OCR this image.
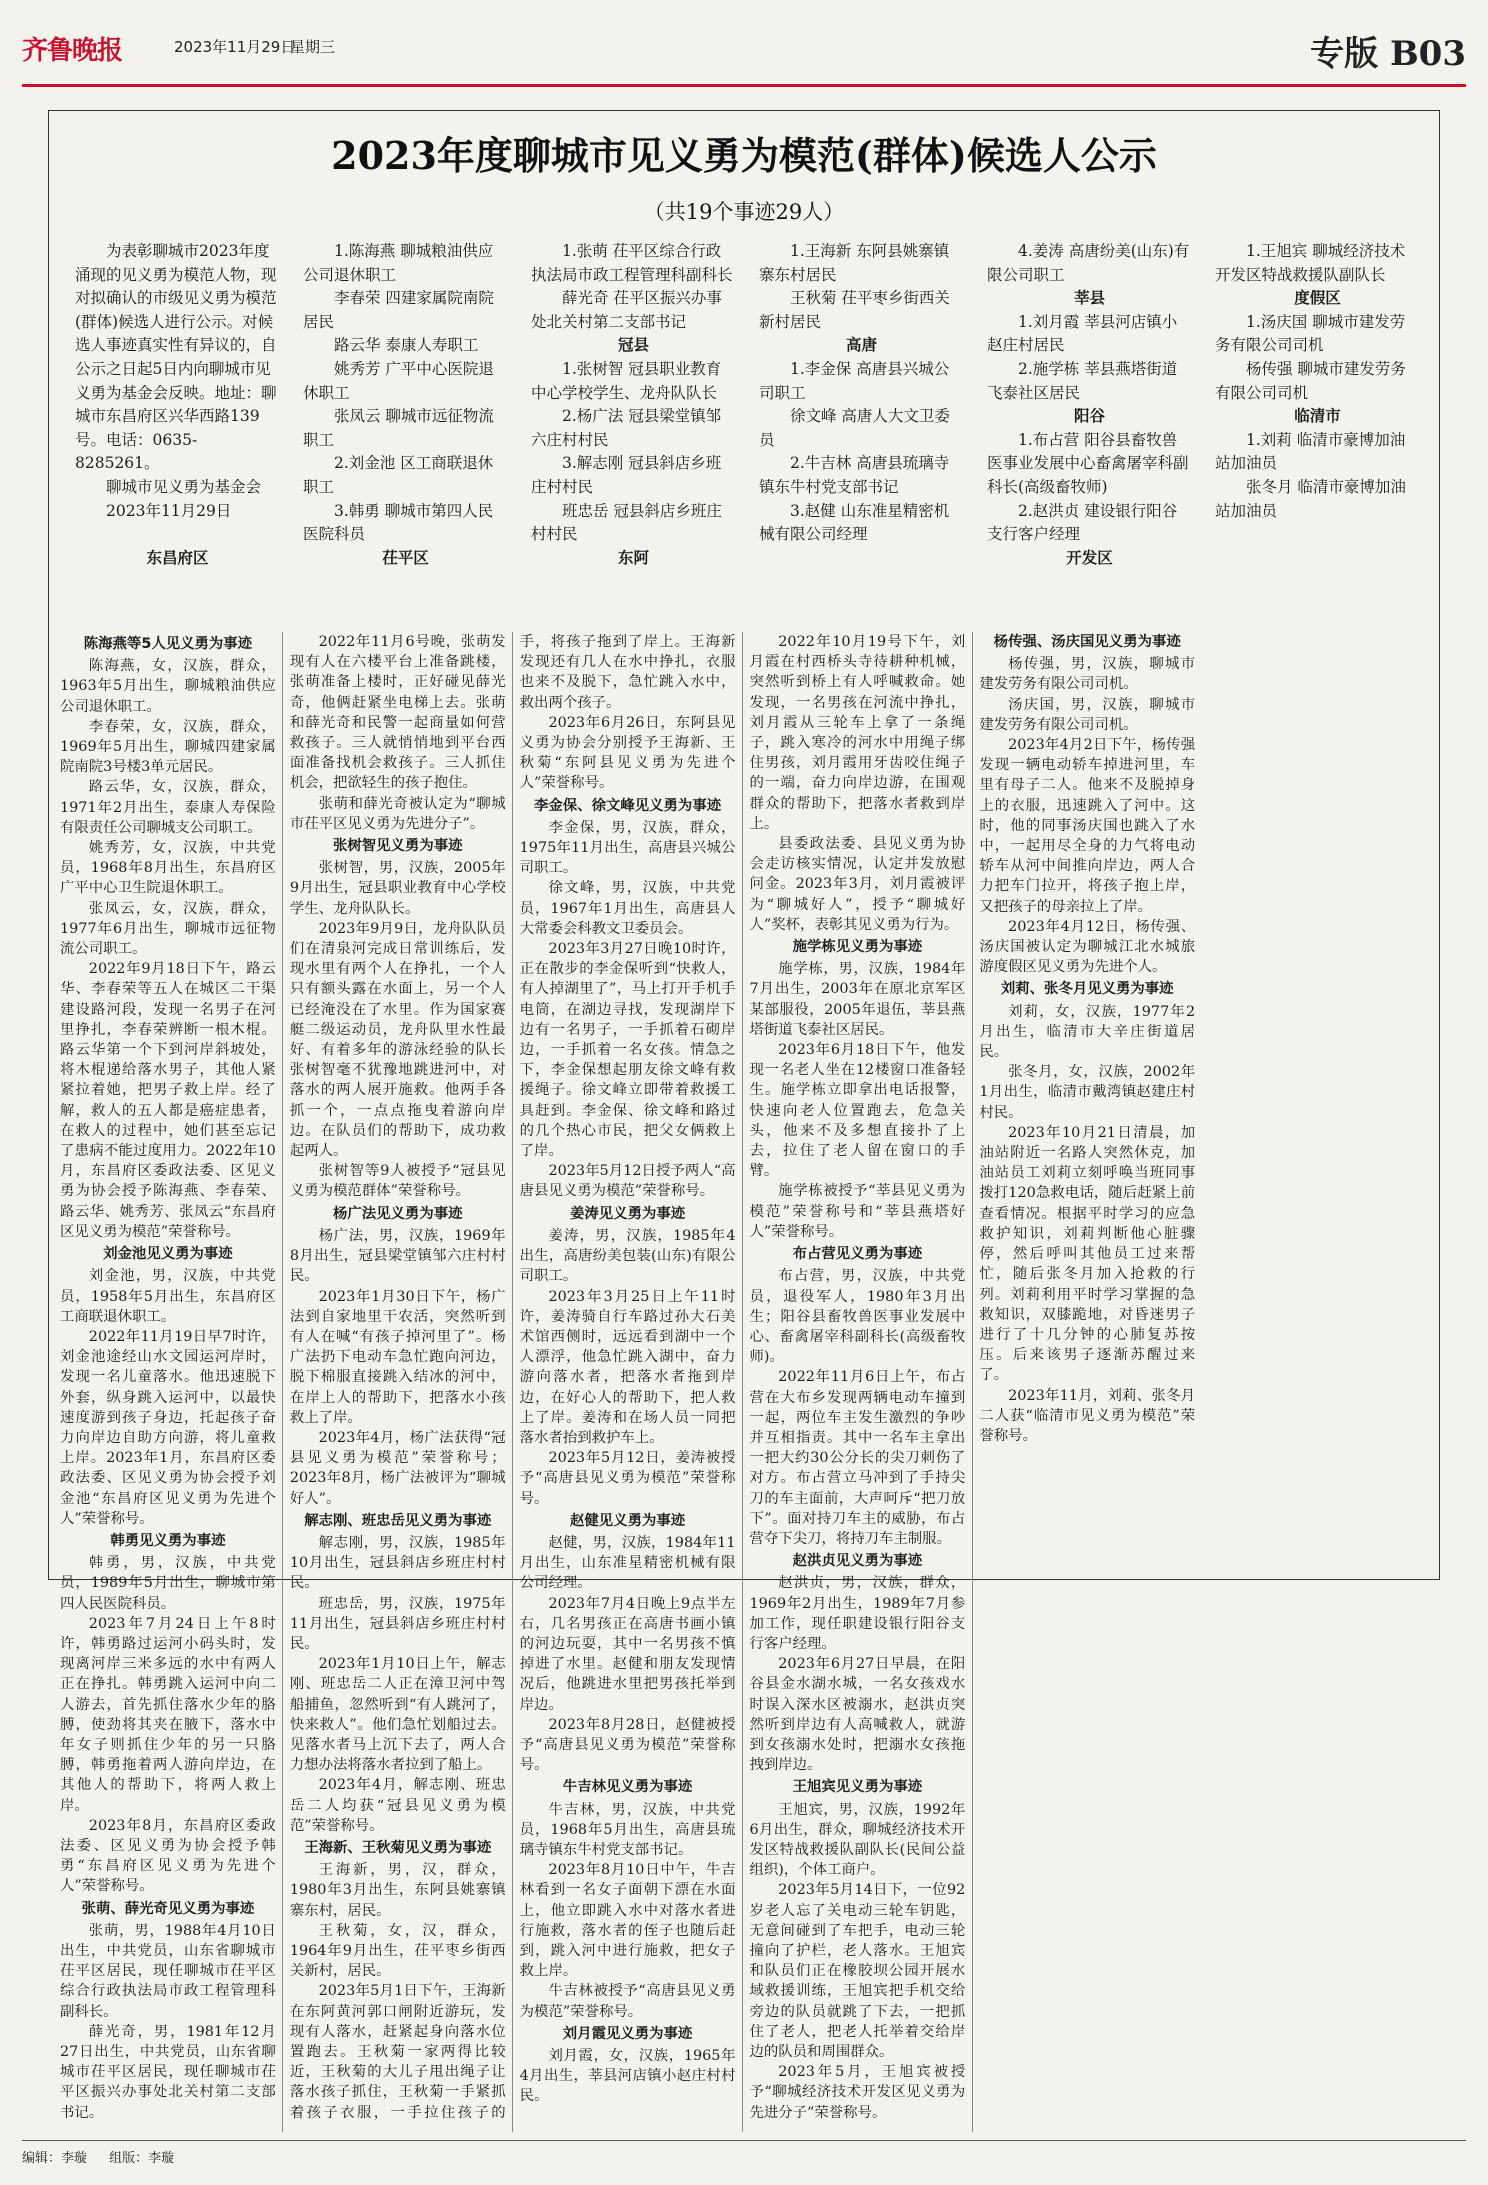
齐鲁晚报	2023年11月29日
星期三	专版 B03
2023年度聊城市见义勇为模范(群体)候选人公示
（共19个事迹29人）

为表彰聊城市2023年度涌现的见义勇为模范人物，现对拟确认的市级见义勇为模范(群体)候选人进行公示。对候选人事迹真实性有异议的，自公示之日起5日内向聊城市见义勇为基金会反映。地址：聊城市东昌府区兴华西路139号。电话：0635-8285261。

聊城市见义勇为基金会

2023年11月29日

东昌府区

1.陈海燕 聊城粮油供应公司退休职工

李春荣 四建家属院南院居民

路云华 泰康人寿职工

姚秀芳 广平中心医院退休职工

张凤云 聊城市远征物流职工

2.刘金池 区工商联退休职工

3.韩勇 聊城市第四人民医院科员

茌平区

1.张萌 茌平区综合行政执法局市政工程管理科副科长

薛光奇 茌平区振兴办事处北关村第二支部书记

冠县

1.张树智 冠县职业教育中心学校学生、龙舟队队长

2.杨广法 冠县梁堂镇邹六庄村村民

3.解志刚 冠县斜店乡班庄村村民

班忠岳 冠县斜店乡班庄村村民

东阿

1.王海新 东阿县姚寨镇寨东村居民

王秋菊 茌平枣乡街西关新村居民

高唐

1.李金保 高唐县兴城公司职工

徐文峰 高唐人大文卫委员

2.牛吉林 高唐县琉璃寺镇东牛村党支部书记

3.赵健 山东准星精密机械有限公司经理

4.姜涛 高唐纷美(山东)有限公司职工

莘县

1.刘月霞 莘县河店镇小赵庄村居民

2.施学栋 莘县燕塔街道飞泰社区居民

阳谷

1.布占营 阳谷县畜牧兽医事业发展中心畜禽屠宰科副科长(高级畜牧师)

2.赵洪贞 建设银行阳谷支行客户经理

开发区

1.王旭宾 聊城经济技术开发区特战救援队副队长

度假区

1.汤庆国 聊城市建发劳务有限公司司机

杨传强 聊城市建发劳务有限公司司机

临清市

1.刘莉 临清市豪博加油站加油员

张冬月 临清市豪博加油站加油员

陈海燕等5人见义勇为事迹

陈海燕，女，汉族，群众，1963年5月出生，聊城粮油供应公司退休职工。

李春荣，女，汉族，群众，1969年5月出生，聊城四建家属院南院3号楼3单元居民。

路云华，女，汉族，群众，1971年2月出生，泰康人寿保险有限责任公司聊城支公司职工。

姚秀芳，女，汉族，中共党员，1968年8月出生，东昌府区广平中心卫生院退休职工。

张凤云，女，汉族，群众，1977年6月出生，聊城市远征物流公司职工。

2022年9月18日下午，路云华、李春荣等五人在城区二干渠建设路河段，发现一名男子在河里挣扎，李春荣辨断一根木棍。路云华第一个下到河岸斜坡处，将木棍递给落水男子，其他人紧紧拉着她，把男子救上岸。经了解，救人的五人都是癌症患者，在救人的过程中，她们甚至忘记了患病不能过度用力。2022年10月，东昌府区委政法委、区见义勇为协会授予陈海燕、李春荣、路云华、姚秀芳、张凤云“东昌府区见义勇为模范”荣誉称号。

刘金池见义勇为事迹

刘金池，男，汉族，中共党员，1958年5月出生，东昌府区工商联退休职工。

2022年11月19日早7时许，刘金池途经山水文园运河岸时，发现一名儿童落水。他迅速脱下外套，纵身跳入运河中，以最快速度游到孩子身边，托起孩子奋力向岸边自助方向游，将儿童救上岸。2023年1月，东昌府区委政法委、区见义勇为协会授予刘金池“东昌府区见义勇为先进个人”荣誉称号。

韩勇见义勇为事迹

韩勇，男，汉族，中共党员，1989年5月出生，聊城市第四人民医院科员。

2023年7月24日上午8时许，韩勇路过运河小码头时，发现离河岸三米多远的水中有两人正在挣扎。韩勇跳入运河中向二人游去，首先抓住落水少年的胳膊，使劲将其夹在腋下，落水中年女子则抓住少年的另一只胳膊，韩勇拖着两人游向岸边，在其他人的帮助下，将两人救上岸。

2023年8月，东昌府区委政法委、区见义勇为协会授予韩勇“东昌府区见义勇为先进个人”荣誉称号。

张萌、薛光奇见义勇为事迹

张萌，男，1988年4月10日出生，中共党员，山东省聊城市茌平区居民，现任聊城市茌平区综合行政执法局市政工程管理科副科长。

薛光奇，男，1981年12月27日出生，中共党员，山东省聊城市茌平区居民，现任聊城市茌平区振兴办事处北关村第二支部书记。

2022年11月6号晚，张萌发现有人在六楼平台上准备跳楼，张萌准备上楼时，正好碰见薛光奇，他俩赶紧坐电梯上去。张萌和薛光奇和民警一起商量如何营救孩子。三人就悄悄地到平台西面准备找机会救孩子。三人抓住机会，把欲轻生的孩子抱住。

张萌和薛光奇被认定为“聊城市茌平区见义勇为先进分子”。

张树智见义勇为事迹

张树智，男，汉族，2005年9月出生，冠县职业教育中心学校学生、龙舟队队长。

2023年9月9日，龙舟队队员们在清泉河完成日常训练后，发现水里有两个人在挣扎，一个人只有额头露在水面上，另一个人已经淹没在了水里。作为国家赛艇二级运动员，龙舟队里水性最好、有着多年的游泳经验的队长张树智毫不犹豫地跳进河中，对落水的两人展开施救。他两手各抓一个，一点点拖曳着游向岸边。在队员们的帮助下，成功救起两人。

张树智等9人被授予“冠县见义勇为模范群体”荣誉称号。

杨广法见义勇为事迹

杨广法，男，汉族，1969年8月出生，冠县梁堂镇邹六庄村村民。

2023年1月30日下午，杨广法到自家地里干农活，突然听到有人在喊“有孩子掉河里了”。杨广法扔下电动车急忙跑向河边，脱下棉服直接跳入结冰的河中，在岸上人的帮助下，把落水小孩救上了岸。

2023年4月，杨广法获得“冠县见义勇为模范”荣誉称号；2023年8月，杨广法被评为“聊城好人”。

解志刚、班忠岳见义勇为事迹

解志刚，男，汉族，1985年10月出生，冠县斜店乡班庄村村民。

班忠岳，男，汉族，1975年11月出生，冠县斜店乡班庄村村民。

2023年1月10日上午，解志刚、班忠岳二人正在漳卫河中驾船捕鱼，忽然听到“有人跳河了，快来救人”。他们急忙划船过去。见落水者马上沉下去了，两人合力想办法将落水者拉到了船上。

2023年4月，解志刚、班忠岳二人均获“冠县见义勇为模范”荣誉称号。

王海新、王秋菊见义勇为事迹

王海新，男，汉，群众，1980年3月出生，东阿县姚寨镇寨东村，居民。

王秋菊，女，汉，群众，1964年9月出生，茌平枣乡街西关新村，居民。

2023年5月1日下午，王海新在东阿黄河郭口闸附近游玩，发现有人落水，赶紧起身向落水位置跑去。王秋菊一家两得比较近，王秋菊的大儿子甩出绳子让落水孩子抓住，王秋菊一手紧抓着孩子衣服，一手拉住孩子的手，将孩子拖到了岸上。王海新发现还有几人在水中挣扎，衣服也来不及脱下，急忙跳入水中，救出两个孩子。

2023年6月26日，东阿县见义勇为协会分别授予王海新、王秋菊“东阿县见义勇为先进个人”荣誉称号。

李金保、徐文峰见义勇为事迹

李金保，男，汉族，群众，1975年11月出生，高唐县兴城公司职工。

徐文峰，男，汉族，中共党员，1967年1月出生，高唐县人大常委会科教文卫委员会。

2023年3月27日晚10时许，正在散步的李金保听到“快救人，有人掉湖里了”，马上打开手机手电筒，在湖边寻找，发现湖岸下边有一名男子，一手抓着石砌岸边，一手抓着一名女孩。情急之下，李金保想起朋友徐文峰有救援绳子。徐文峰立即带着救援工具赶到。李金保、徐文峰和路过的几个热心市民，把父女俩救上了岸。

2023年5月12日授予两人“高唐县见义勇为模范”荣誉称号。

姜涛见义勇为事迹

姜涛，男，汉族，1985年4出生，高唐纷美包装(山东)有限公司职工。

2023年3月25日上午11时许，姜涛骑自行车路过孙大石美术馆西侧时，远远看到湖中一个人漂浮，他急忙跳入湖中，奋力游向落水者，把落水者拖到岸边，在好心人的帮助下，把人救上了岸。姜涛和在场人员一同把落水者抬到救护车上。

2023年5月12日，姜涛被授予“高唐县见义勇为模范”荣誉称号。

赵健见义勇为事迹

赵健，男，汉族，1984年11月出生，山东准星精密机械有限公司经理。

2023年7月4日晚上9点半左右，几名男孩正在高唐书画小镇的河边玩耍，其中一名男孩不慎掉进了水里。赵健和朋友发现情况后，他跳进水里把男孩托举到岸边。

2023年8月28日，赵健被授予“高唐县见义勇为模范”荣誉称号。

牛吉林见义勇为事迹

牛吉林，男，汉族，中共党员，1968年5月出生，高唐县琉璃寺镇东牛村党支部书记。

2023年8月10日中午，牛吉林看到一名女子面朝下漂在水面上，他立即跳入水中对落水者进行施救，落水者的侄子也随后赶到，跳入河中进行施救，把女子救上岸。

牛吉林被授予“高唐县见义勇为模范”荣誉称号。

刘月霞见义勇为事迹

刘月霞，女，汉族，1965年4月出生，莘县河店镇小赵庄村村民。

2022年10月19号下午，刘月霞在村西桥头寺待耕种机械，突然听到桥上有人呼喊救命。她发现，一名男孩在河流中挣扎，刘月霞从三轮车上拿了一条绳子，跳入寒冷的河水中用绳子绑住男孩，刘月霞用牙齿咬住绳子的一端，奋力向岸边游，在围观群众的帮助下，把落水者救到岸上。

县委政法委、县见义勇为协会走访核实情况，认定并发放慰问金。2023年3月，刘月霞被评为“聊城好人”，授予“聊城好人”奖杯，表彰其见义勇为行为。

施学栋见义勇为事迹

施学栋，男，汉族，1984年7月出生，2003年在原北京军区某部服役，2005年退伍，莘县燕塔街道飞泰社区居民。

2023年6月18日下午，他发现一名老人坐在12楼窗口准备轻生。施学栋立即拿出电话报警，快速向老人位置跑去，危急关头，他来不及多想直接扑了上去，拉住了老人留在窗口的手臂。

施学栋被授予“莘县见义勇为模范”荣誉称号和“莘县燕塔好人”荣誉称号。

布占营见义勇为事迹

布占营，男，汉族，中共党员，退役军人，1980年3月出生；阳谷县畜牧兽医事业发展中心、畜禽屠宰科副科长(高级畜牧师)。

2022年11月6日上午，布占营在大布乡发现两辆电动车撞到一起，两位车主发生激烈的争吵并互相指责。其中一名车主拿出一把大约30公分长的尖刀刺伤了对方。布占营立马冲到了手持尖刀的车主面前，大声呵斥“把刀放下”。面对持刀车主的威胁，布占营夺下尖刀，将持刀车主制服。

赵洪贞见义勇为事迹

赵洪贞，男，汉族，群众，1969年2月出生，1989年7月参加工作，现任职建设银行阳谷支行客户经理。

2023年6月27日早晨，在阳谷县金水湖水城，一名女孩戏水时误入深水区被溺水，赵洪贞突然听到岸边有人高喊救人，就游到女孩溺水处时，把溺水女孩拖拽到岸边。

王旭宾见义勇为事迹

王旭宾，男，汉族，1992年6月出生，群众，聊城经济技术开发区特战救援队副队长(民间公益组织)，个体工商户。

2023年5月14日下，一位92岁老人忘了关电动三轮车钥匙，无意间碰到了车把手，电动三轮撞向了护栏，老人落水。王旭宾和队员们正在橡胶坝公园开展水域救援训练，王旭宾把手机交给旁边的队员就跳了下去，一把抓住了老人，把老人托举着交给岸边的队员和周围群众。

2023年5月，王旭宾被授予“聊城经济技术开发区见义勇为先进分子”荣誉称号。

杨传强、汤庆国见义勇为事迹

杨传强，男，汉族，聊城市建发劳务有限公司司机。

汤庆国，男，汉族，聊城市建发劳务有限公司司机。

2023年4月2日下午，杨传强发现一辆电动轿车掉进河里，车里有母子二人。他来不及脱掉身上的衣服，迅速跳入了河中。这时，他的同事汤庆国也跳入了水中，一起用尽全身的力气将电动轿车从河中间推向岸边，两人合力把车门拉开，将孩子抱上岸，又把孩子的母亲拉上了岸。

2023年4月12日，杨传强、汤庆国被认定为聊城江北水城旅游度假区见义勇为先进个人。

刘莉、张冬月见义勇为事迹

刘莉，女，汉族，1977年2月出生，临清市大辛庄街道居民。

张冬月，女，汉族，2002年1月出生，临清市戴湾镇赵建庄村村民。

2023年10月21日清晨，加油站附近一名路人突然休克，加油站员工刘莉立刻呼唤当班同事拨打120急救电话，随后赶紧上前查看情况。根据平时学习的应急救护知识，刘莉判断他心脏骤停，然后呼叫其他员工过来帮忙，随后张冬月加入抢救的行列。刘莉利用平时学习掌握的急救知识，双膝跪地，对昏迷男子进行了十几分钟的心肺复苏按压。后来该男子逐渐苏醒过来了。

2023年11月，刘莉、张冬月二人获“临清市见义勇为模范”荣誉称号。

编辑：李璇 组版：李璇
